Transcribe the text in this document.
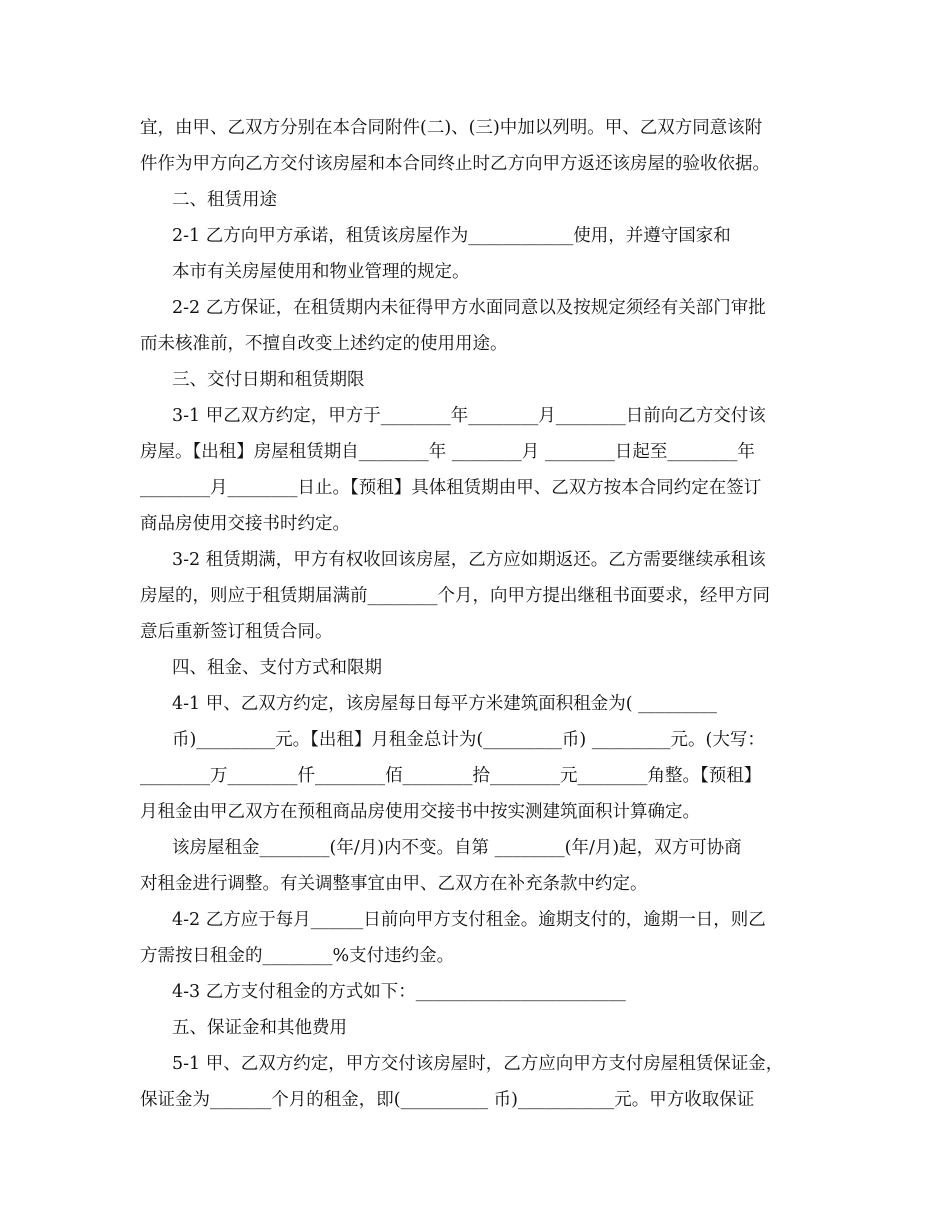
宜，由甲、乙双方分别在本合同附件(二)、(三)中加以列明。甲、乙双方同意该附
件作为甲方向乙方交付该房屋和本合同终止时乙方向甲方返还该房屋的验收依据。
二、租赁用途
2-1 乙方向甲方承诺，租赁该房屋作为____________使用，并遵守国家和
本市有关房屋使用和物业管理的规定。
2-2 乙方保证，在租赁期内未征得甲方水面同意以及按规定须经有关部门审批
而未核准前，不擅自改变上述约定的使用用途。
三、交付日期和租赁期限
3-1 甲乙双方约定，甲方于________年________月________日前向乙方交付该
房屋。【出租】房屋租赁期自________年 ________月 ________日起至________年
________月________日止。【预租】具体租赁期由甲、乙双方按本合同约定在签订
商品房使用交接书时约定。
3-2 租赁期满，甲方有权收回该房屋，乙方应如期返还。乙方需要继续承租该
房屋的，则应于租赁期届满前________个月，向甲方提出继租书面要求，经甲方同
意后重新签订租赁合同。
四、租金、支付方式和限期
4-1 甲、乙双方约定，该房屋每日每平方米建筑面积租金为( _________
币)_________元。【出租】月租金总计为(_________币) _________元。(大写：
________万________仟________佰________拾________元________角整。【预租】
月租金由甲乙双方在预租商品房使用交接书中按实测建筑面积计算确定。
该房屋租金________(年/月)内不变。自第 ________(年/月)起，双方可协商
对租金进行调整。有关调整事宜由甲、乙双方在补充条款中约定。
4-2 乙方应于每月______日前向甲方支付租金。逾期支付的，逾期一日，则乙
方需按日租金的________%支付违约金。
4-3 乙方支付租金的方式如下：________________________
五、保证金和其他费用
5-1 甲、乙双方约定，甲方交付该房屋时，乙方应向甲方支付房屋租赁保证金，
保证金为_______个月的租金，即(__________ 币)___________元。甲方收取保证
